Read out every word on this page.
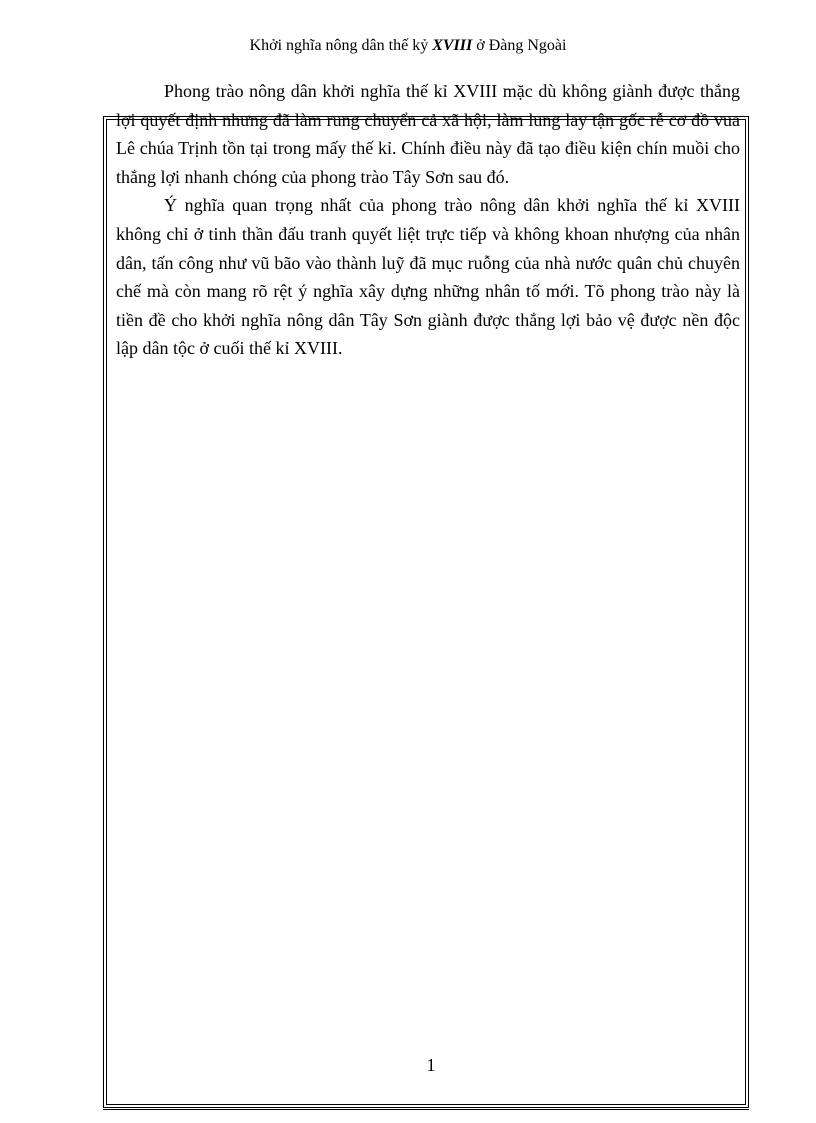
Khởi nghĩa nông dân thế kỷ XVIII ở Đàng Ngoài

Phong trào nông dân khởi nghĩa thế kỉ XVIII mặc dù không giành được thắng lợi quyết định nhưng đã làm rung chuyển cả xã hội, làm lung lay tận gốc rễ cơ đồ vua Lê chúa Trịnh tồn tại trong mấy thế kỉ. Chính điều này đã tạo điều kiện chín muồi cho thắng lợi nhanh chóng của phong trào Tây Sơn sau đó.

Ý nghĩa quan trọng nhất của phong trào nông dân khởi nghĩa thế kỉ XVIII không chỉ ở tinh thần đấu tranh quyết liệt trực tiếp và không khoan nhượng của nhân dân, tấn công như vũ bão vào thành luỹ đã mục ruỗng của nhà nước quân chủ chuyên chế mà còn mang rõ rệt ý nghĩa xây dựng những nhân tố mới. Tõ phong trào này là tiền đề cho khởi nghĩa nông dân Tây Sơn giành được thắng lợi bảo vệ được nền độc lập dân tộc ở cuối thế kỉ XVIII.

1
